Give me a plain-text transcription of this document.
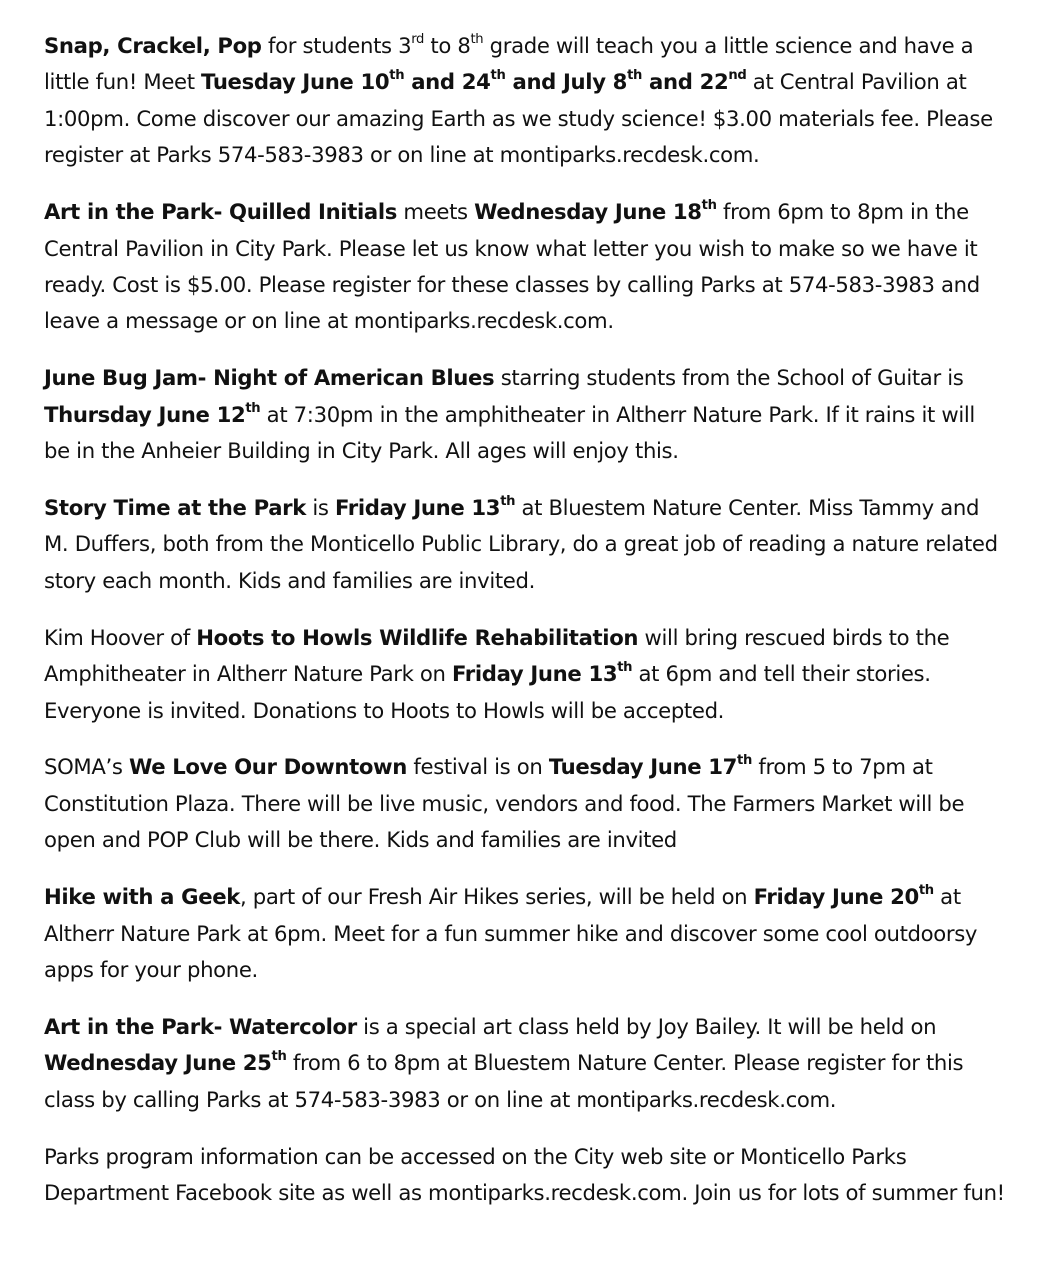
Snap, Crackel, Pop for students 3rd to 8th grade will teach you a little science and have a little fun! Meet Tuesday June 10th and 24th and July 8th and 22nd at Central Pavilion at 1:00pm. Come discover our amazing Earth as we study science! $3.00 materials fee. Please register at Parks 574-583-3983 or on line at montiparks.recdesk.com.

Art in the Park- Quilled Initials meets Wednesday June 18th from 6pm to 8pm in the Central Pavilion in City Park. Please let us know what letter you wish to make so we have it ready. Cost is $5.00. Please register for these classes by calling Parks at 574-583-3983 and leave a message or on line at montiparks.recdesk.com.

June Bug Jam- Night of American Blues starring students from the School of Guitar is Thursday June 12th at 7:30pm in the amphitheater in Altherr Nature Park. If it rains it will be in the Anheier Building in City Park. All ages will enjoy this.

Story Time at the Park is Friday June 13th at Bluestem Nature Center. Miss Tammy and M. Duffers, both from the Monticello Public Library, do a great job of reading a nature related story each month. Kids and families are invited.

Kim Hoover of Hoots to Howls Wildlife Rehabilitation will bring rescued birds to the Amphitheater in Altherr Nature Park on Friday June 13th at 6pm and tell their stories. Everyone is invited. Donations to Hoots to Howls will be accepted.

SOMA’s We Love Our Downtown festival is on Tuesday June 17th from 5 to 7pm at Constitution Plaza. There will be live music, vendors and food. The Farmers Market will be open and POP Club will be there. Kids and families are invited

Hike with a Geek, part of our Fresh Air Hikes series, will be held on Friday June 20th at Altherr Nature Park at 6pm. Meet for a fun summer hike and discover some cool outdoorsy apps for your phone.

Art in the Park- Watercolor is a special art class held by Joy Bailey. It will be held on Wednesday June 25th from 6 to 8pm at Bluestem Nature Center. Please register for this class by calling Parks at 574-583-3983 or on line at montiparks.recdesk.com.

Parks program information can be accessed on the City web site or Monticello Parks Department Facebook site as well as montiparks.recdesk.com. Join us for lots of summer fun!
